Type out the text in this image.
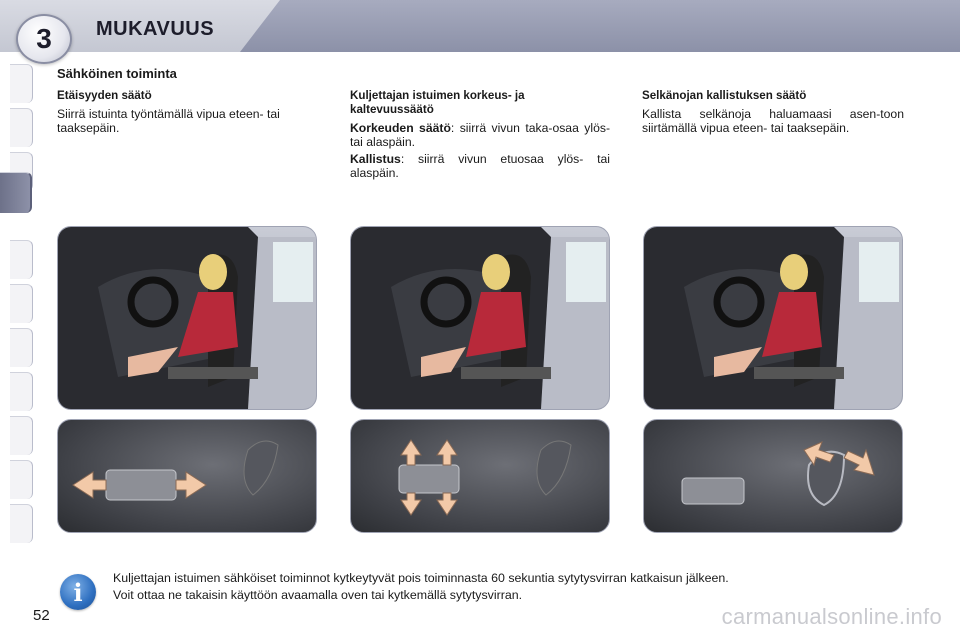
3 MUKAVUUS
Sähköinen toiminta
Etäisyyden säätö

Siirrä istuinta työntämällä vipua eteen- tai taaksepäin.

Kuljettajan istuimen korkeus- ja kaltevuussäätö

Korkeuden säätö: siirrä vivun taka-osaa ylös- tai alaspäin.

Kallistus: siirrä vivun etuosaa ylös- tai alaspäin.

Selkänojan kallistuksen säätö

Kallista selkänoja haluamaasi asen-toon siirtämällä vipua eteen- tai taaksepäin.

i	Kuljettajan istuimen sähköiset toiminnot kytkeytyvät pois toiminnasta 60 sekuntia sytytysvirran katkaisun jälkeen.

Voit ottaa ne takaisin käyttöön avaamalla oven tai kytkemällä sytytysvirran.

52	carmanualsonline.info
